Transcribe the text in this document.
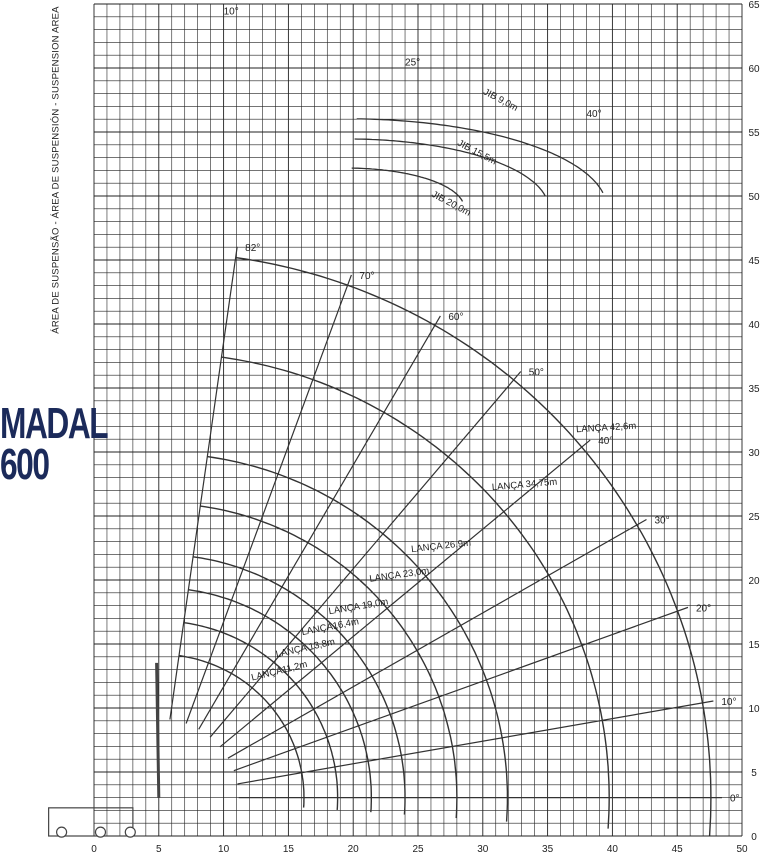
LANÇA11,2m
LANÇA 13,8m
LANÇA16,4m
LANÇA 19,0m
LANÇA 23,0m
LANÇA 26,9m
LANÇA 34,75m
LANÇA 42,6m
0°
10°
20°
30°
40°
50°
60°
70°
82°
JIB 9,0m
JIB 15,5m
JIB 20,0m
10°
25°
40°
0	5	10	15	20	25	30	35	40	45	50
0
5
10
15
20
25
30
35
40
45
50
55
60
65
MADAL
600
ÁREA DE SUSPENSÃO - ÁREA DE SUSPENSIÓN - SUSPENSION AREA
